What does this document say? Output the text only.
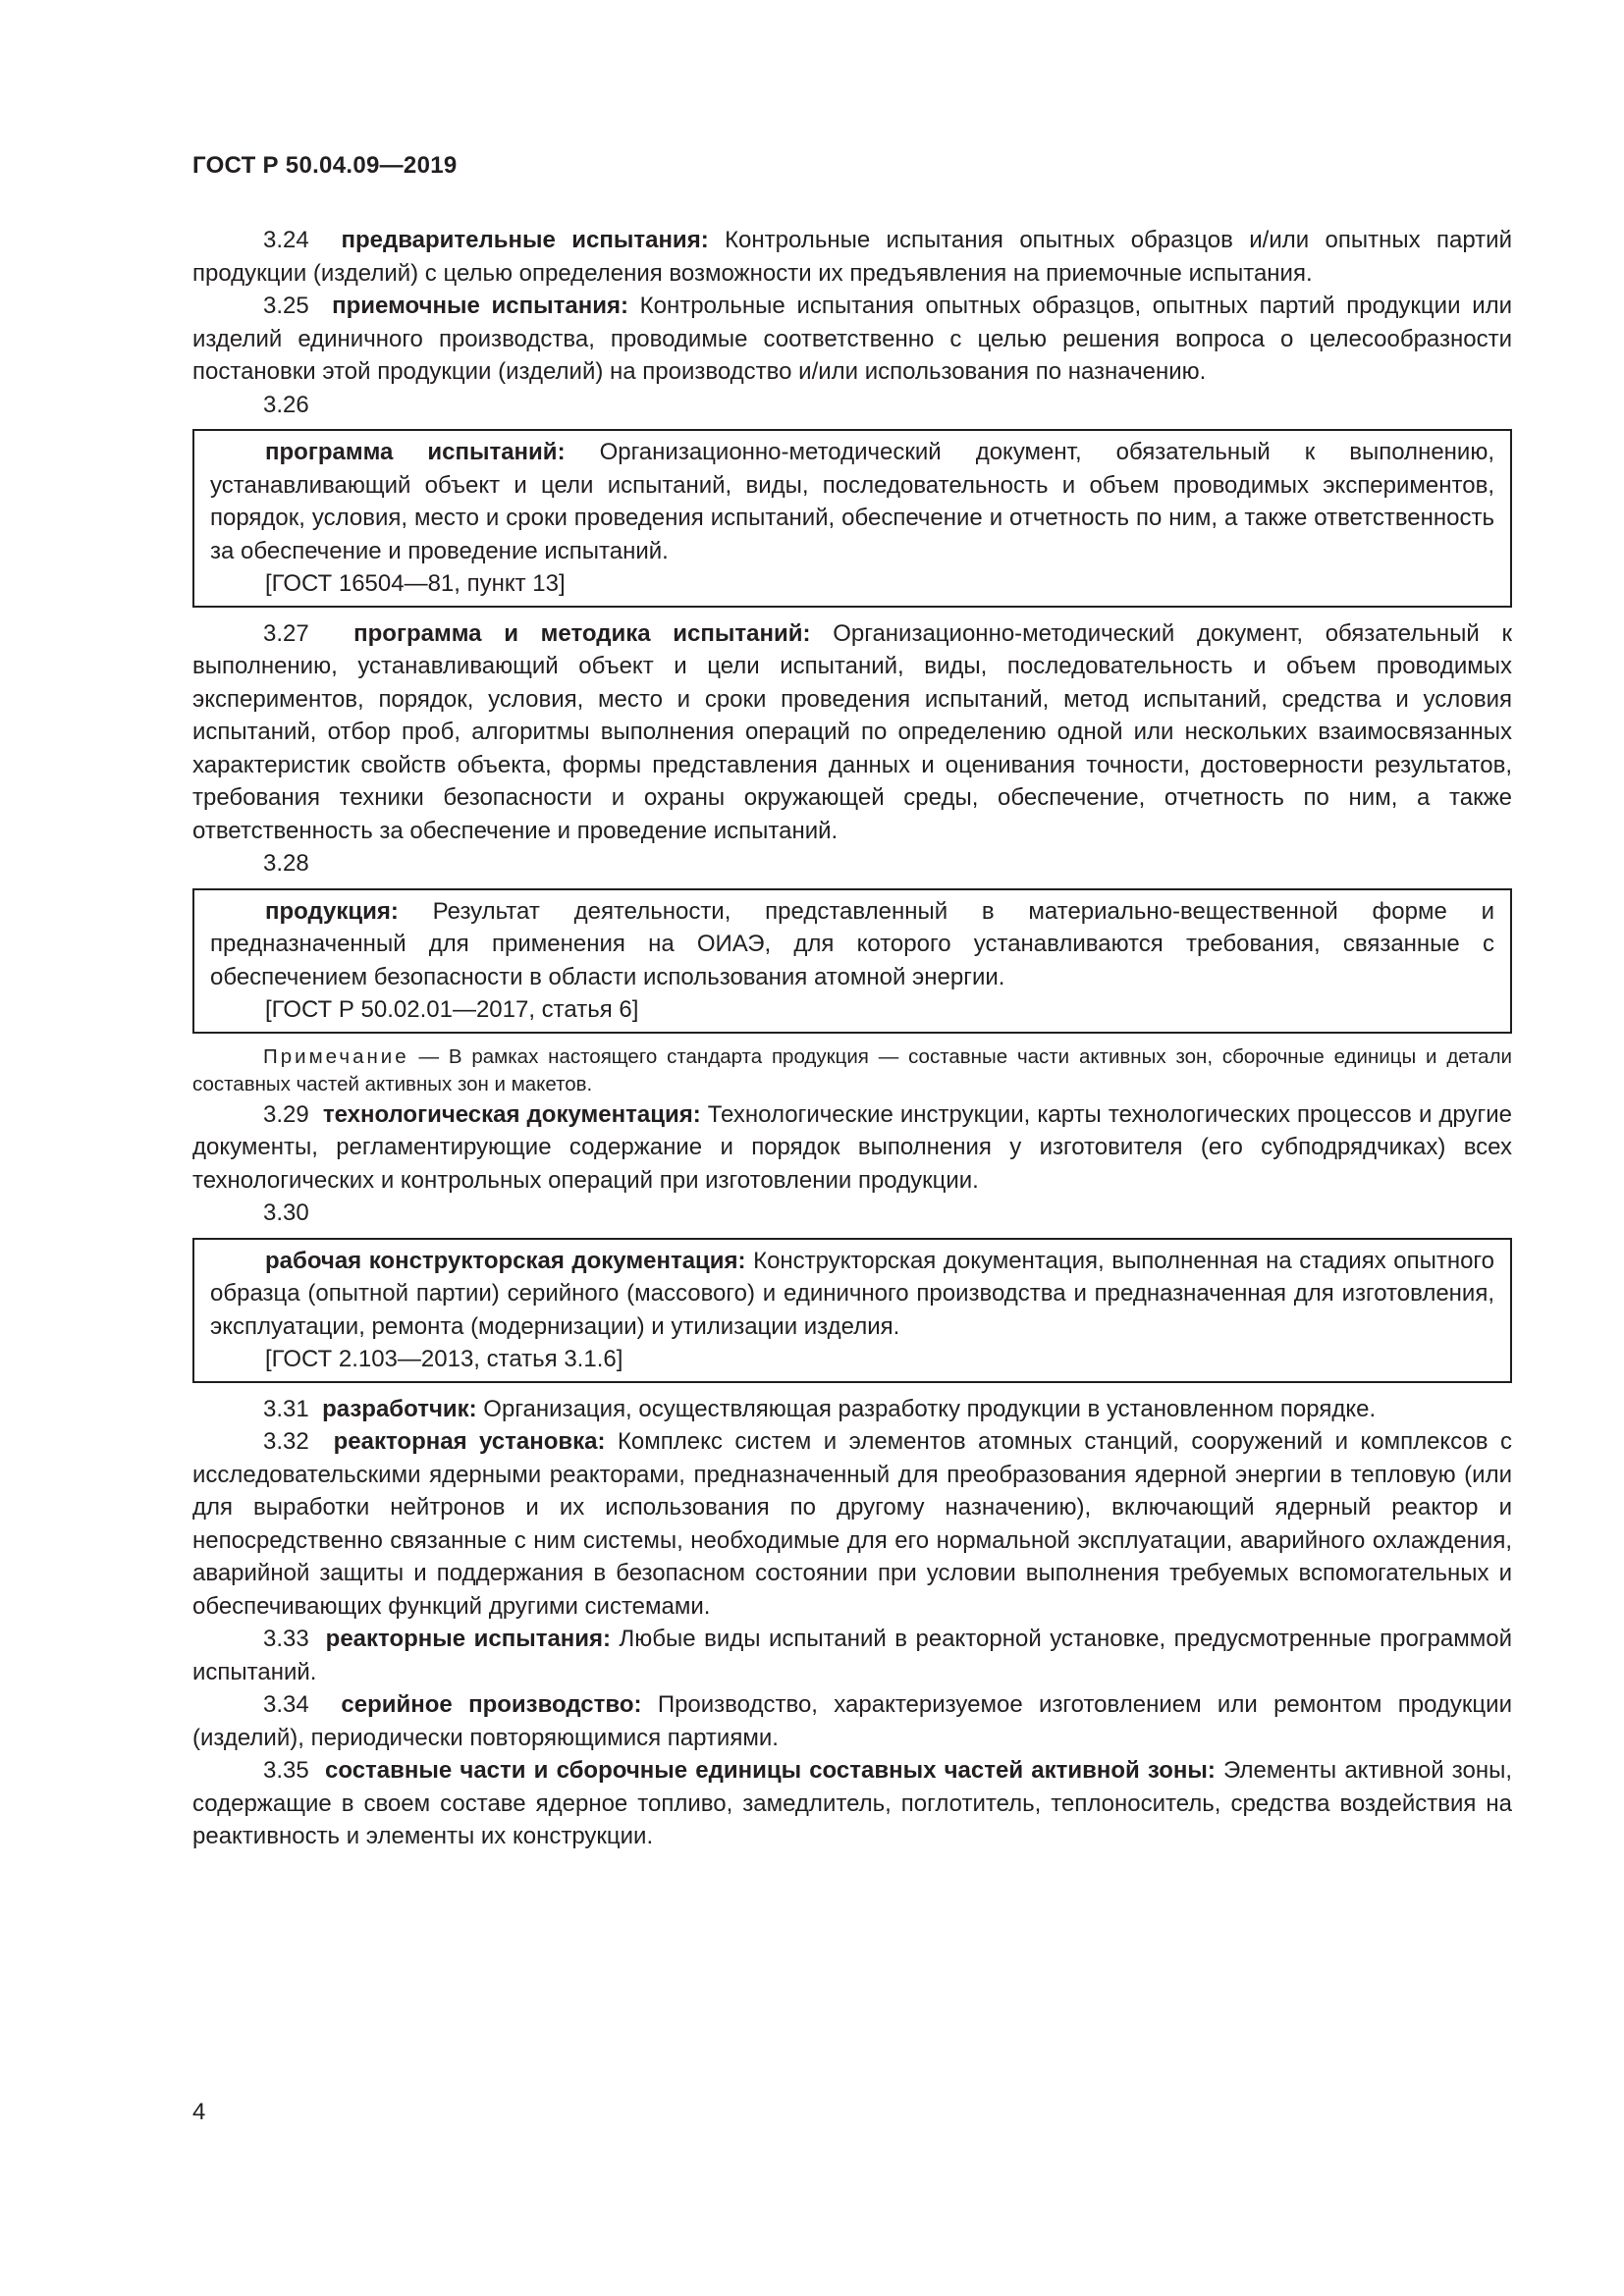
ГОСТ Р 50.04.09—2019

3.24 предварительные испытания: Контрольные испытания опытных образцов и/или опытных партий продукции (изделий) с целью определения возможности их предъявления на приемочные испытания.

3.25 приемочные испытания: Контрольные испытания опытных образцов, опытных партий продукции или изделий единичного производства, проводимые соответственно с целью решения вопроса о целесообразности постановки этой продукции (изделий) на производство и/или использования по назначению.

3.26

программа испытаний: Организационно-методический документ, обязательный к выполнению, устанавливающий объект и цели испытаний, виды, последовательность и объем проводимых экспериментов, порядок, условия, место и сроки проведения испытаний, обеспечение и отчетность по ним, а также ответственность за обеспечение и проведение испытаний.

[ГОСТ 16504—81, пункт 13]

3.27 программа и методика испытаний: Организационно-методический документ, обязательный к выполнению, устанавливающий объект и цели испытаний, виды, последовательность и объем проводимых экспериментов, порядок, условия, место и сроки проведения испытаний, метод испытаний, средства и условия испытаний, отбор проб, алгоритмы выполнения операций по определению одной или нескольких взаимосвязанных характеристик свойств объекта, формы представления данных и оценивания точности, достоверности результатов, требования техники безопасности и охраны окружающей среды, обеспечение, отчетность по ним, а также ответственность за обеспечение и проведение испытаний.

3.28

продукция: Результат деятельности, представленный в материально-вещественной форме и предназначенный для применения на ОИАЭ, для которого устанавливаются требования, связанные с обеспечением безопасности в области использования атомной энергии.

[ГОСТ Р 50.02.01—2017, статья 6]

Примечание — В рамках настоящего стандарта продукция — составные части активных зон, сборочные единицы и детали составных частей активных зон и макетов.

3.29 технологическая документация: Технологические инструкции, карты технологических процессов и другие документы, регламентирующие содержание и порядок выполнения у изготовителя (его субподрядчиках) всех технологических и контрольных операций при изготовлении продукции.

3.30

рабочая конструкторская документация: Конструкторская документация, выполненная на стадиях опытного образца (опытной партии) серийного (массового) и единичного производства и предназначенная для изготовления, эксплуатации, ремонта (модернизации) и утилизации изделия.

[ГОСТ 2.103—2013, статья 3.1.6]

3.31 разработчик: Организация, осуществляющая разработку продукции в установленном порядке.

3.32 реакторная установка: Комплекс систем и элементов атомных станций, сооружений и комплексов с исследовательскими ядерными реакторами, предназначенный для преобразования ядерной энергии в тепловую (или для выработки нейтронов и их использования по другому назначению), включающий ядерный реактор и непосредственно связанные с ним системы, необходимые для его нормальной эксплуатации, аварийного охлаждения, аварийной защиты и поддержания в безопасном состоянии при условии выполнения требуемых вспомогательных и обеспечивающих функций другими системами.

3.33 реакторные испытания: Любые виды испытаний в реакторной установке, предусмотренные программой испытаний.

3.34 серийное производство: Производство, характеризуемое изготовлением или ремонтом продукции (изделий), периодически повторяющимися партиями.

3.35 составные части и сборочные единицы составных частей активной зоны: Элементы активной зоны, содержащие в своем составе ядерное топливо, замедлитель, поглотитель, теплоноситель, средства воздействия на реактивность и элементы их конструкции.

4
